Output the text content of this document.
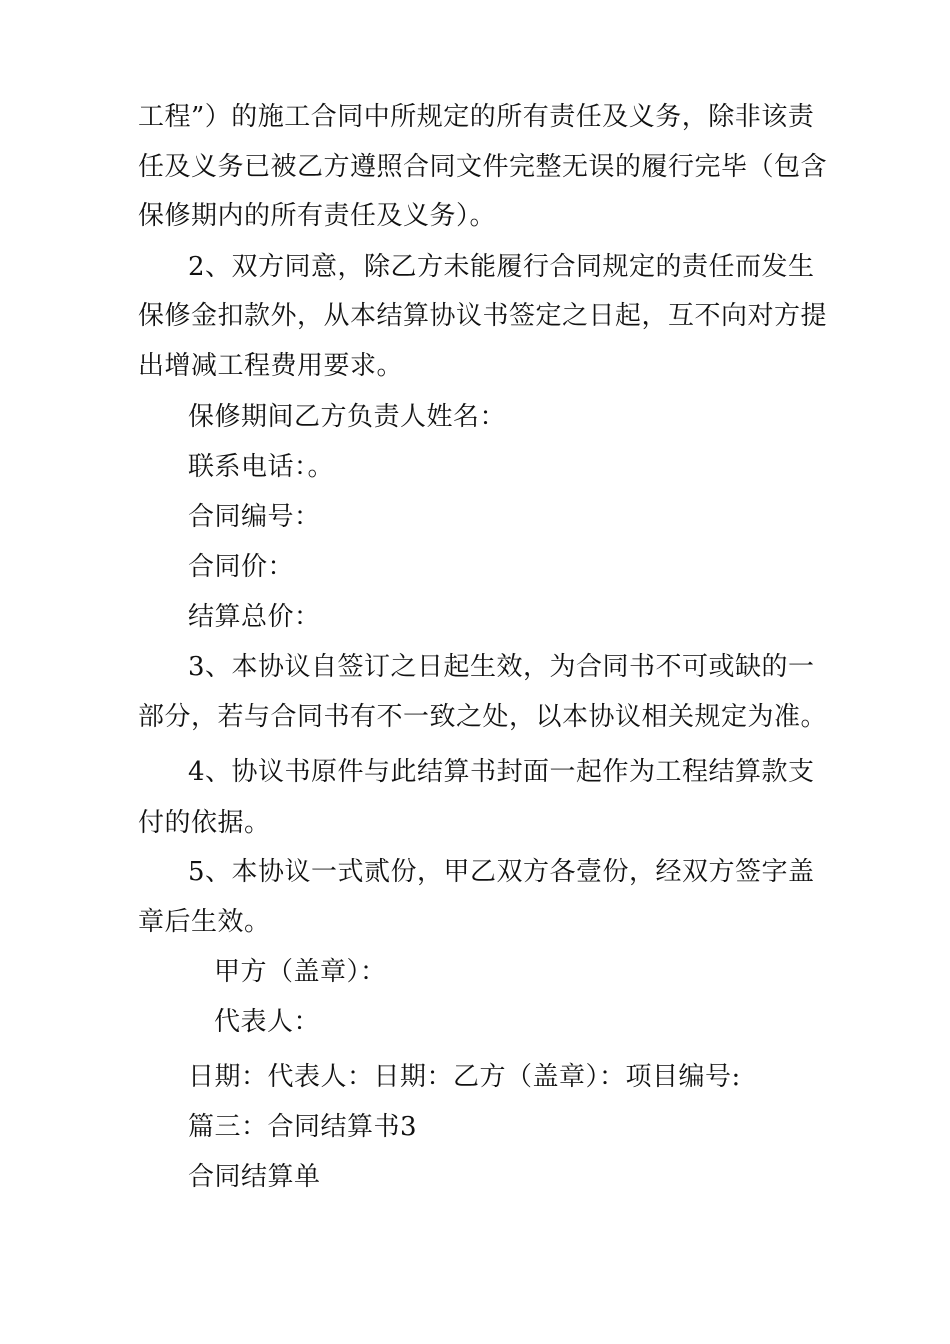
工程”）的施工合同中所规定的所有责任及义务，除非该责
任及义务已被乙方遵照合同文件完整无误的履行完毕（包含
保修期内的所有责任及义务）。
2、双方同意，除乙方未能履行合同规定的责任而发生
保修金扣款外，从本结算协议书签定之日起，互不向对方提
出增减工程费用要求。
保修期间乙方负责人姓名：
联系电话：。
合同编号：
合同价：
结算总价：
3、本协议自签订之日起生效，为合同书不可或缺的一
部分，若与合同书有不一致之处，以本协议相关规定为准。
4、协议书原件与此结算书封面一起作为工程结算款支
付的依据。
5、本协议一式贰份，甲乙双方各壹份，经双方签字盖
章后生效。
甲方（盖章）：
代表人：
日期：代表人：日期：乙方（盖章）：项目编号:
篇三：合同结算书3
合同结算单
